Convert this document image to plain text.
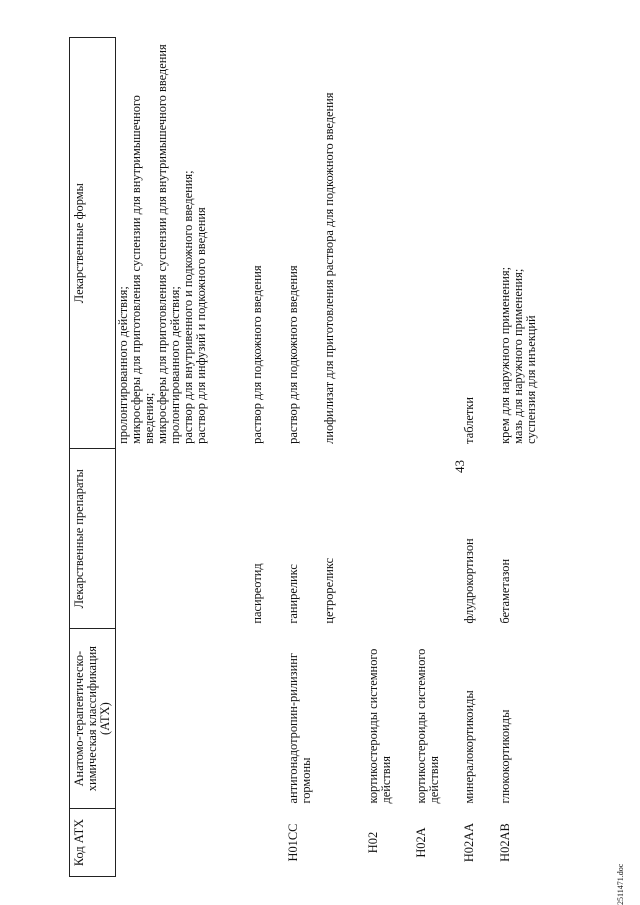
43
Код АТХ	Анатомо-терапевтическо-химическая классификация (АТХ)	Лекарственные препараты	Лекарственные формы

			пролонгированного действия; микросферы для приготовления суспензии для внутримышечного введения; микросферы для приготовления суспензии для внутримышечного введения пролонгированного действия; раствор для внутривенного и подкожного введения; раствор для инфузий и подкожного введения

		пасиреотид	раствор для подкожного введения

H01CC	антигонадотропин-рилизинг гормоны	ганиреликс	раствор для подкожного введения

		цетрореликс	лиофилизат для приготовления раствора для подкожного введения

H02	кортикостероиды системного действия		
H02A	кортикостероиды системного действия		
H02AA	минералокортикоиды	флудрокортизон	таблетки

H02AB	глюкокортикоиды	бетаметазон	крем для наружного применения; мазь для наружного применения; суспензия для инъекций
2511471.doc
